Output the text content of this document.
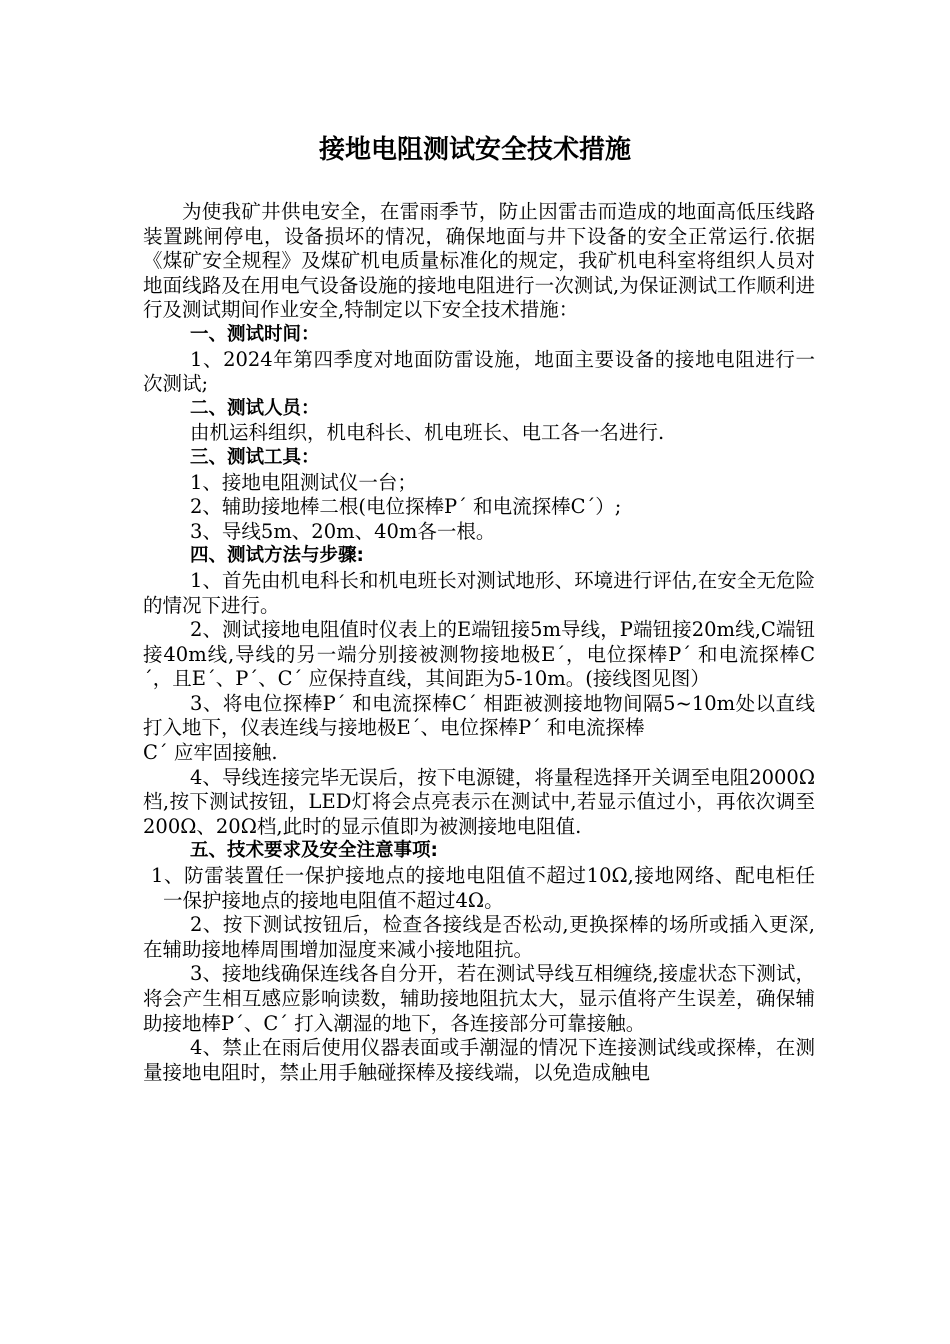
接地电阻测试安全技术措施

为使我矿井供电安全，在雷雨季节，防止因雷击而造成的地面高低压线路装置跳闸停电，设备损坏的情况，确保地面与井下设备的安全正常运行.依据《煤矿安全规程》及煤矿机电质量标准化的规定，我矿机电科室将组织人员对地面线路及在用电气设备设施的接地电阻进行一次测试,为保证测试工作顺利进行及测试期间作业安全,特制定以下安全技术措施：

一、测试时间：

1、2024年第四季度对地面防雷设施，地面主要设备的接地电阻进行一次测试;

二、测试人员：

由机运科组织，机电科长、机电班长、电工各一名进行.

三、测试工具：

1、接地电阻测试仪一台；

2、辅助接地棒二根(电位探棒P´ 和电流探棒C´）;

3、导线5m、20m、40m各一根。

四、测试方法与步骤:

1、首先由机电科长和机电班长对测试地形、环境进行评估,在安全无危险的情况下进行。

2、测试接地电阻值时仪表上的E端钮接5m导线，P端钮接20m线,C端钮接40m线,导线的另一端分别接被测物接地极E´，电位探棒P´ 和电流探棒C´，且E´、P´、C´ 应保持直线，其间距为5-10m。(接线图见图）

3、将电位探棒P´ 和电流探棒C´ 相距被测接地物间隔5~10m处以直线打入地下，仪表连线与接地极E´、电位探棒P´ 和电流探棒

C´ 应牢固接触.

4、导线连接完毕无误后，按下电源键，将量程选择开关调至电阻2000Ω档,按下测试按钮，LED灯将会点亮表示在测试中,若显示值过小，再依次调至200Ω、20Ω档,此时的显示值即为被测接地电阻值.

五、技术要求及安全注意事项:

1、防雷装置任一保护接地点的接地电阻值不超过10Ω,接地网络、配电柜任一保护接地点的接地电阻值不超过4Ω。

2、按下测试按钮后，检查各接线是否松动,更换探棒的场所或插入更深,在辅助接地棒周围增加湿度来减小接地阻抗。

3、接地线确保连线各自分开，若在测试导线互相缠绕,接虚状态下测试，将会产生相互感应影响读数，辅助接地阻抗太大，显示值将产生误差，确保辅助接地棒P´、C´ 打入潮湿的地下，各连接部分可靠接触。

4、禁止在雨后使用仪器表面或手潮湿的情况下连接测试线或探棒，在测量接地电阻时，禁止用手触碰探棒及接线端，以免造成触电
